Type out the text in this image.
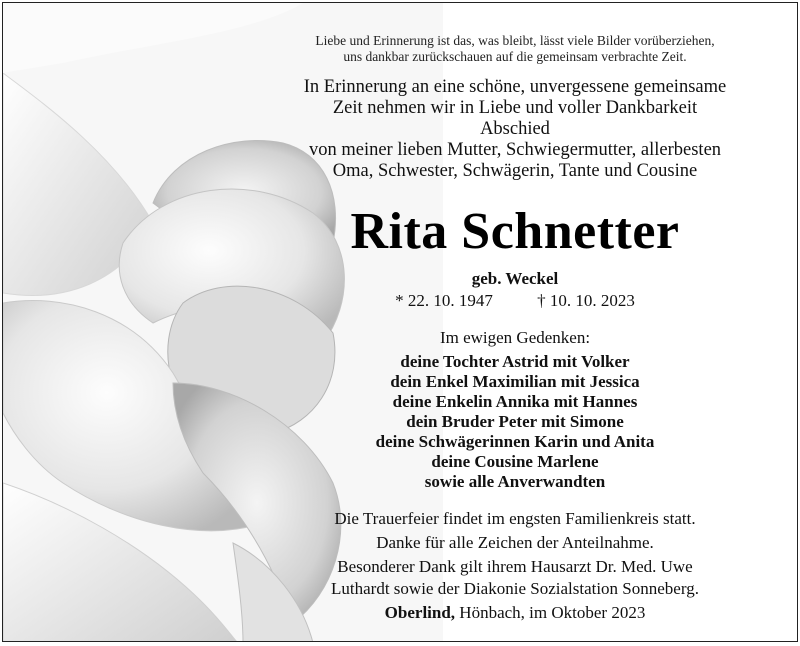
Liebe und Erinnerung ist das, was bleibt, lässt viele Bilder vorüberziehen,
uns dankbar zurückschauen auf die gemeinsam verbrachte Zeit.
In Erinnerung an eine schöne, unvergessene gemeinsame
Zeit nehmen wir in Liebe und voller Dankbarkeit Abschied
von meiner lieben Mutter, Schwiegermutter, allerbesten
Oma, Schwester, Schwägerin, Tante und Cousine
Rita Schnetter
geb. Weckel
* 22. 10. 1947	† 10. 10. 2023
Im ewigen Gedenken:
deine Tochter Astrid mit Volker
dein Enkel Maximilian mit Jessica
deine Enkelin Annika mit Hannes
dein Bruder Peter mit Simone
deine Schwägerinnen Karin und Anita
deine Cousine Marlene
sowie alle Anverwandten
Die Trauerfeier findet im engsten Familienkreis statt.
Danke für alle Zeichen der Anteilnahme.
Besonderer Dank gilt ihrem Hausarzt Dr. Med. Uwe
Luthardt sowie der Diakonie Sozialstation Sonneberg.
Oberlind, Hönbach, im Oktober 2023
